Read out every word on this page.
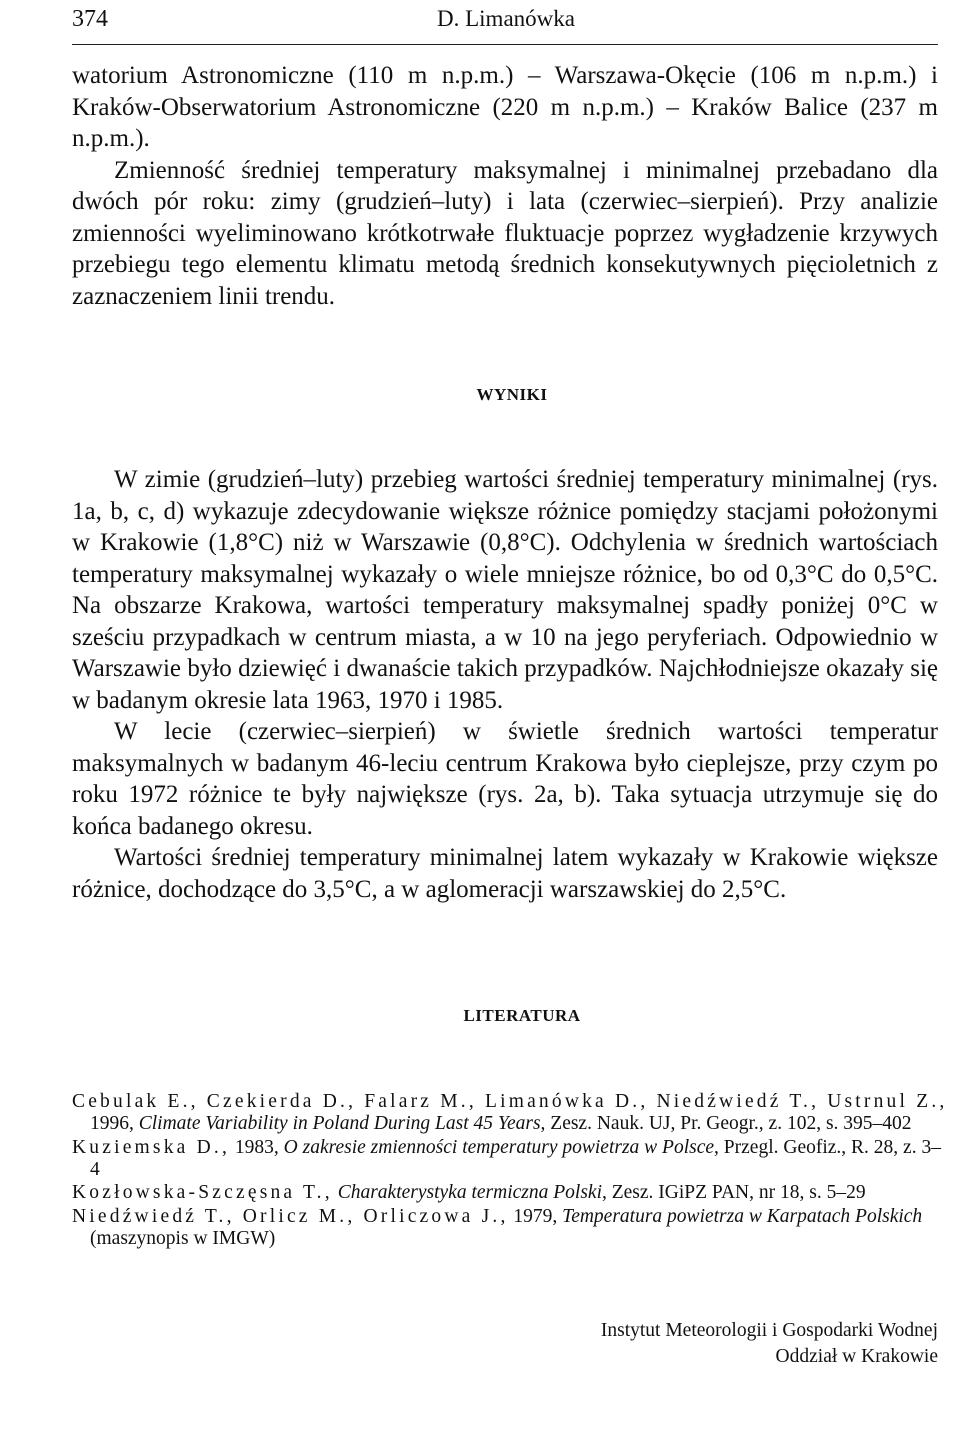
374	D. Limanówka

watorium Astronomiczne (110 m n.p.m.) – Warszawa-Okęcie (106 m n.p.m.) i Kraków-Obserwatorium Astronomiczne (220 m n.p.m.) – Kraków Balice (237 m n.p.m.).

Zmienność średniej temperatury maksymalnej i minimalnej przebadano dla dwóch pór roku: zimy (grudzień–luty) i lata (czerwiec–sierpień). Przy analizie zmienności wyeliminowano krótkotrwałe fluktuacje poprzez wygładzenie krzywych przebiegu tego elementu klimatu metodą średnich konsekutywnych pięcioletnich z zaznaczeniem linii trendu.

WYNIKI

W zimie (grudzień–luty) przebieg wartości średniej temperatury minimalnej (rys. 1a, b, c, d) wykazuje zdecydowanie większe różnice pomiędzy stacjami położonymi w Krakowie (1,8°C) niż w Warszawie (0,8°C). Odchylenia w średnich wartościach temperatury maksymalnej wykazały o wiele mniejsze różnice, bo od 0,3°C do 0,5°C. Na obszarze Krakowa, wartości temperatury maksymalnej spadły poniżej 0°C w sześciu przypadkach w centrum miasta, a w 10 na jego peryferiach. Odpowiednio w Warszawie było dziewięć i dwanaście takich przypadków. Najchłodniejsze okazały się w badanym okresie lata 1963, 1970 i 1985.

W lecie (czerwiec–sierpień) w świetle średnich wartości temperatur maksymalnych w badanym 46-leciu centrum Krakowa było cieplejsze, przy czym po roku 1972 różnice te były największe (rys. 2a, b). Taka sytuacja utrzymuje się do końca badanego okresu.

Wartości średniej temperatury minimalnej latem wykazały w Krakowie większe różnice, dochodzące do 3,5°C, a w aglomeracji warszawskiej do 2,5°C.

LITERATURA

Cebulak E., Czekierda D., Falarz M., Limanówka D., Niedźwiedź T., Ustrnul Z., 1996, Climate Variability in Poland During Last 45 Years, Zesz. Nauk. UJ, Pr. Geogr., z. 102, s. 395–402

Kuziemska D., 1983, O zakresie zmienności temperatury powietrza w Polsce, Przegl. Geofiz., R. 28, z. 3–4

Kozłowska-Szczęsna T., Charakterystyka termiczna Polski, Zesz. IGiPZ PAN, nr 18, s. 5–29

Niedźwiedź T., Orlicz M., Orliczowa J., 1979, Temperatura powietrza w Karpatach Polskich (maszynopis w IMGW)

Instytut Meteorologii i Gospodarki Wodnej
Oddział w Krakowie
